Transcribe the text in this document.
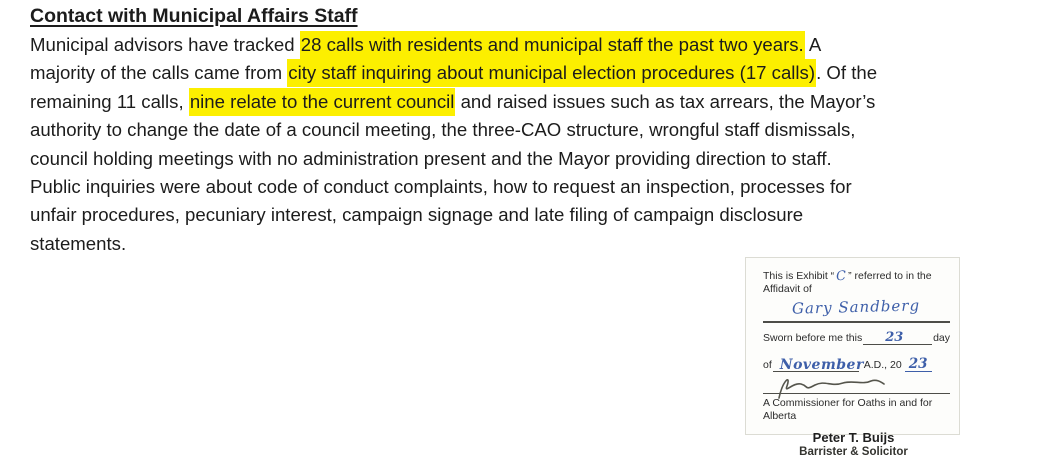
Contact with Municipal Affairs Staff
Municipal advisors have tracked 28 calls with residents and municipal staff the past two years. A
majority of the calls came from city staff inquiring about municipal election procedures (17 calls). Of the
remaining 11 calls, nine relate to the current council and raised issues such as tax arrears, the Mayor’s
authority to change the date of a council meeting, the three-CAO structure, wrongful staff dismissals,
council holding meetings with no administration present and the Mayor providing direction to staff.
Public inquiries were about code of conduct complaints, how to request an inspection, processes for
unfair procedures, pecuniary interest, campaign signage and late filing of campaign disclosure
statements.
This is Exhibit “ C” referred to in the
Affidavit of
Gary Sandberg
Sworn before me this 23	day
of November A.D., 20 23
A Commissioner for Oaths in and for
Alberta
Peter T. Buijs
Barrister & Solicitor
